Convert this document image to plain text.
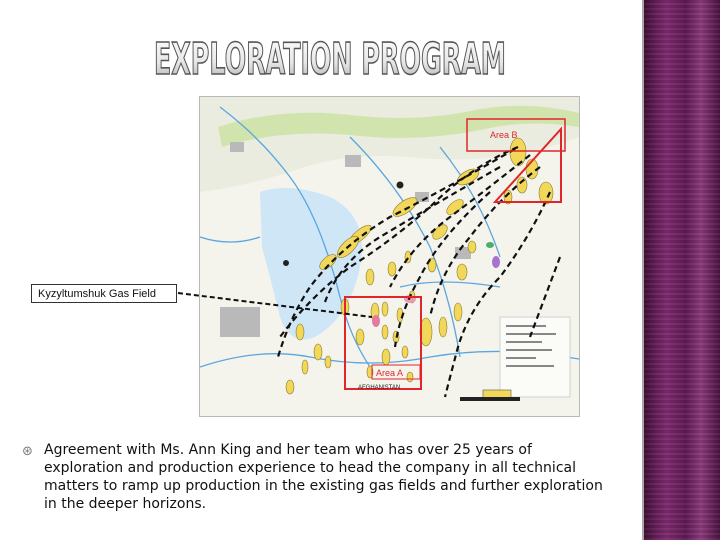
EXPLORATION PROGRAM
Area B
Area A
AFGHANISTAN
Kyzyltumshuk Gas Field
⊛ Agreement with Ms. Ann King and her team who has over 25 years of exploration and production experience to head the company in all technical matters to ramp up production in the existing gas fields and further exploration in the deeper horizons.
